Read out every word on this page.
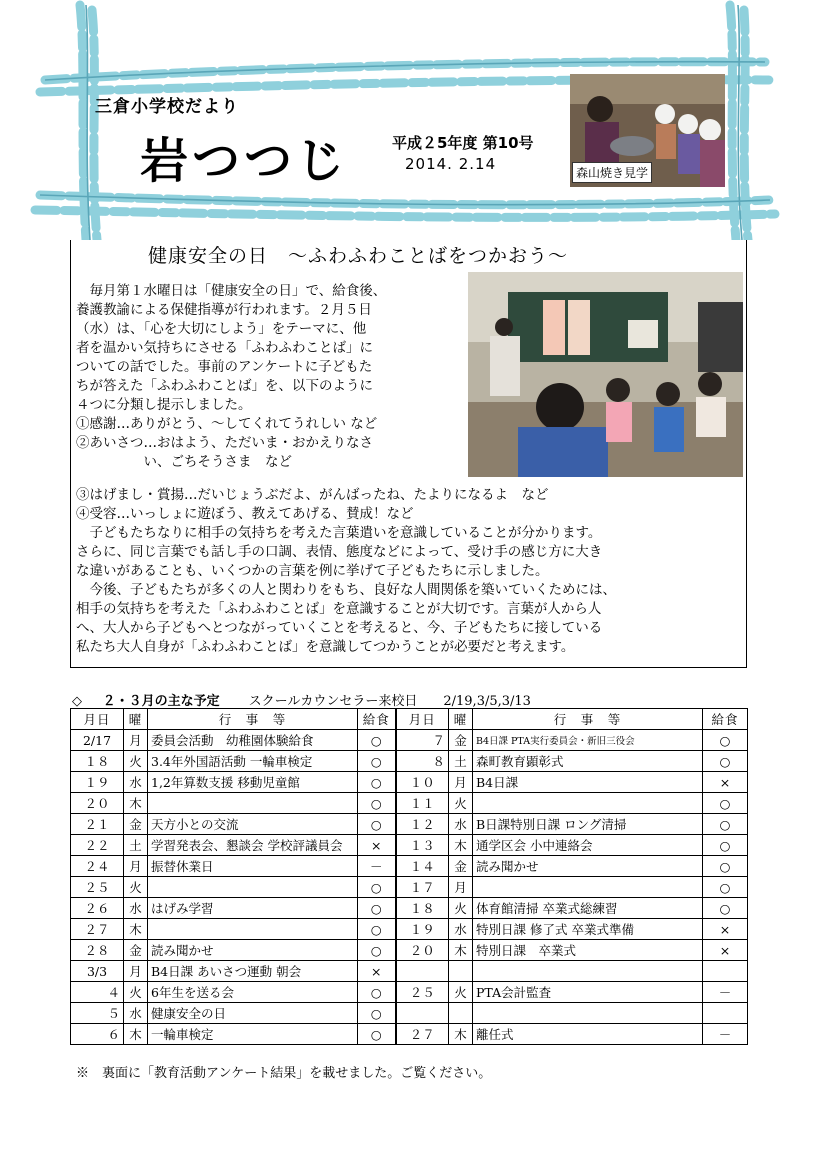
三倉小学校だより
岩つつじ	平成２5年度 第10号
2014. 2.14	森山焼き見学
健康安全の日　～ふわふわことばをつかおう～
　毎月第１水曜日は「健康安全の日」で、給食後、
養護教諭による保健指導が行われます。２月５日
（水）は、「心を大切にしよう」をテーマに、他
者を温かい気持ちにさせる「ふわふわことば」に
ついての話でした。事前のアンケートに子どもた
ちが答えた「ふわふわことば」を、以下のように
４つに分類し提示しました。
①感謝…ありがとう、～してくれてうれしい など
②あいさつ…おはよう、ただいま・おかえりなさ
　　　　　い、ごちそうさま　など
③はげまし・賞揚…だいじょうぶだよ、がんばったね、たよりになるよ　など
④受容…いっしょに遊ぼう、教えてあげる、賛成！など
　子どもたちなりに相手の気持ちを考えた言葉遣いを意識していることが分かります。
さらに、同じ言葉でも話し手の口調、表情、態度などによって、受け手の感じ方に大き
な違いがあることも、いくつかの言葉を例に挙げて子どもたちに示しました。
　今後、子どもたちが多くの人と関わりをもち、良好な人間関係を築いていくためには、
相手の気持ちを考えた「ふわふわことば」を意識することが大切です。言葉が人から人
へ、大人から子どもへとつながっていくことを考えると、今、子どもたちに接している
私たち大人自身が「ふわふわことば」を意識してつかうことが必要だと考えます。
◇ ２・３月の主な予定 スクールカウンセラー来校日　　2/19,3/5,3/13
月日	曜	行　事　等	給食	月日	曜	行　事　等	給食
2/17	月	委員会活動　幼稚園体験給食	○	７	金	B4日課 PTA実行委員会・新旧三役会	○
１８	火	3.4年外国語活動 一輪車検定	○	８	土	森町教育顕彰式	○
１９	水	1,2年算数支援 移動児童館	○	１０	月	B4日課	×
２０	木		○	１１	火		○
２１	金	天方小との交流	○	１２	水	B日課特別日課 ロング清掃	○
２２	土	学習発表会、懇談会 学校評議員会	×	１３	木	通学区会 小中連絡会	○
２４	月	振替休業日	－	１４	金	読み聞かせ	○
２５	火		○	１７	月		○
２６	水	はげみ学習	○	１８	火	体育館清掃 卒業式総練習	○
２７	木		○	１９	水	特別日課 修了式 卒業式準備	×
２８	金	読み聞かせ	○	２０	木	特別日課　卒業式	×
3/3	月	B4日課 あいさつ運動 朝会	×				
４	火	6年生を送る会	○	２５	火	PTA会計監査	－
５	水	健康安全の日	○				
６	木	一輪車検定	○	２７	木	離任式	－
※　裏面に「教育活動アンケート結果」を載せました。ご覧ください。
